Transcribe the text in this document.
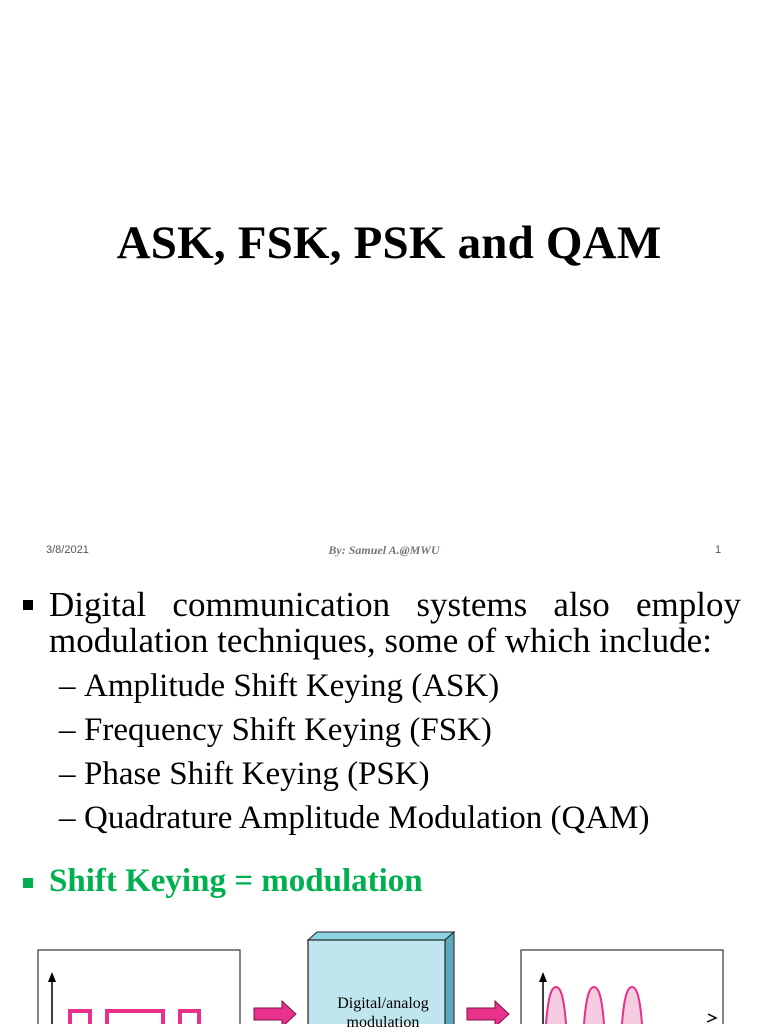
ASK, FSK, PSK and QAM
3/8/2021	By: Samuel A.@MWU	1
Digital communication systems also employ
modulation techniques, some of which include:
– Amplitude Shift Keying (ASK)
– Frequency Shift Keying (FSK)
– Phase Shift Keying (PSK)
– Quadrature Amplitude Modulation (QAM)
Shift Keying = modulation
Digital/analog
modulation
